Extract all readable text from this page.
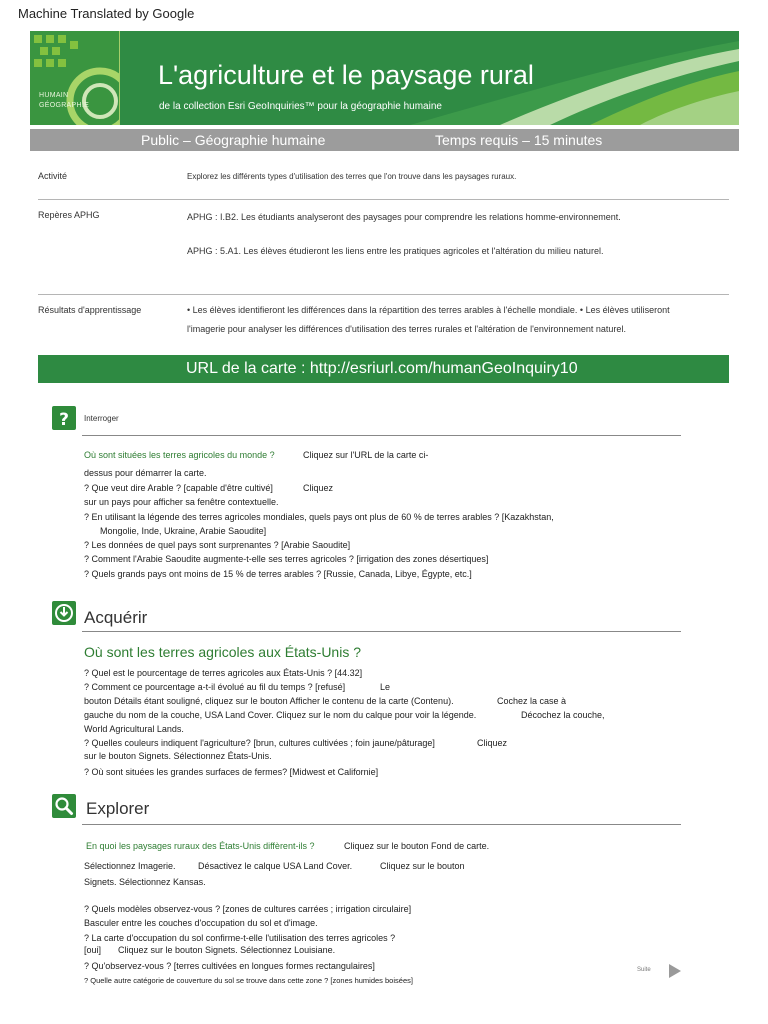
Machine Translated by Google
HUMAIN
GÉOGRAPHIE
L'agriculture et le paysage rural
de la collection Esri GeoInquiries™ pour la géographie humaine
Public – Géographie humaine	Temps requis – 15 minutes
Activité	Explorez les différents types d'utilisation des terres que l'on trouve dans les paysages ruraux.
Repères APHG	APHG : I.B2. Les étudiants analyseront des paysages pour comprendre les relations homme-environnement.
APHG : 5.A1. Les élèves étudieront les liens entre les pratiques agricoles et l'altération du milieu naturel.
Résultats d'apprentissage	• Les élèves identifieront les différences dans la répartition des terres arables à l'échelle mondiale. • Les élèves utiliseront
l'imagerie pour analyser les différences d'utilisation des terres rurales et l'altération de l'environnement naturel.
URL de la carte : http://esriurl.com/humanGeoInquiry10
? Interroger
Où sont situées les terres agricoles du monde ?	Cliquez sur l'URL de la carte ci-
dessus pour démarrer la carte.
? Que veut dire Arable ? [capable d'être cultivé]	Cliquez
sur un pays pour afficher sa fenêtre contextuelle.
? En utilisant la légende des terres agricoles mondiales, quels pays ont plus de 60 % de terres arables ? [Kazakhstan,
Mongolie, Inde, Ukraine, Arabie Saoudite]
? Les données de quel pays sont surprenantes ? [Arabie Saoudite]
? Comment l'Arabie Saoudite augmente-t-elle ses terres agricoles ? [irrigation des zones désertiques]
? Quels grands pays ont moins de 15 % de terres arables ? [Russie, Canada, Libye, Égypte, etc.]
Acquérir
Où sont les terres agricoles aux États-Unis ?
? Quel est le pourcentage de terres agricoles aux États-Unis ? [44.32]
? Comment ce pourcentage a-t-il évolué au fil du temps ? [refusé]	Le
bouton Détails étant souligné, cliquez sur le bouton Afficher le contenu de la carte (Contenu).	Cochez la case à
gauche du nom de la couche, USA Land Cover. Cliquez sur le nom du calque pour voir la légende.	Décochez la couche,
World Agricultural Lands.
? Quelles couleurs indiquent l'agriculture? [brun, cultures cultivées ; foin jaune/pâturage]	Cliquez
sur le bouton Signets. Sélectionnez États-Unis.
? Où sont situées les grandes surfaces de fermes? [Midwest et Californie]
Explorer
En quoi les paysages ruraux des États-Unis diffèrent-ils ?	Cliquez sur le bouton Fond de carte.
Sélectionnez Imagerie. Désactivez le calque USA Land Cover.	Cliquez sur le bouton
Signets. Sélectionnez Kansas.
? Quels modèles observez-vous ? [zones de cultures carrées ; irrigation circulaire]
Basculer entre les couches d'occupation du sol et d'image.
? La carte d'occupation du sol confirme-t-elle l'utilisation des terres agricoles ?
[oui] Cliquez sur le bouton Signets. Sélectionnez Louisiane.
? Qu'observez-vous ? [terres cultivées en longues formes rectangulaires]
? Quelle autre catégorie de couverture du sol se trouve dans cette zone ? [zones humides boisées]
Suite
